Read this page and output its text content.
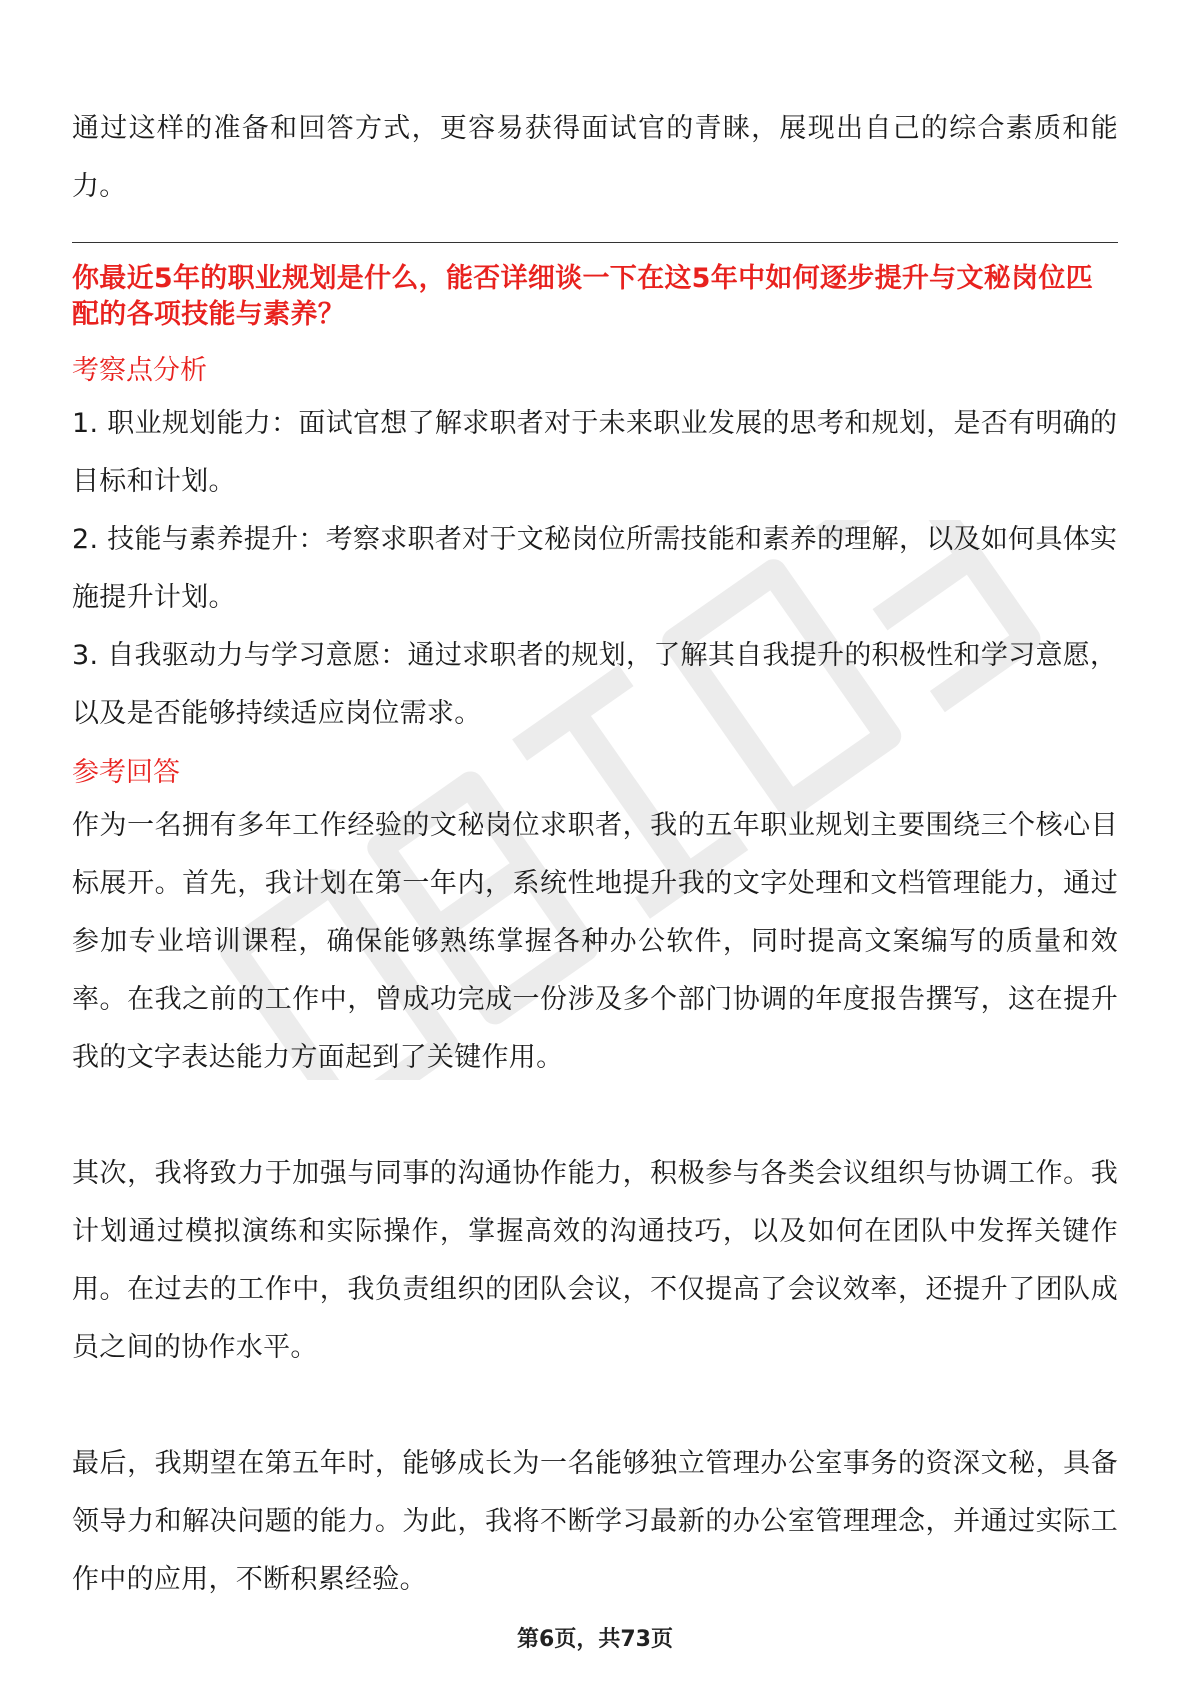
通过这样的准备和回答方式，更容易获得面试官的青睐，展现出自己的综合素质和能力。

你最近5年的职业规划是什么，能否详细谈一下在这5年中如何逐步提升与文秘岗位匹配的各项技能与素养？

考察点分析

1. 职业规划能力：面试官想了解求职者对于未来职业发展的思考和规划，是否有明确的目标和计划。

2. 技能与素养提升：考察求职者对于文秘岗位所需技能和素养的理解，以及如何具体实施提升计划。

3. 自我驱动力与学习意愿：通过求职者的规划，了解其自我提升的积极性和学习意愿，以及是否能够持续适应岗位需求。

参考回答

作为一名拥有多年工作经验的文秘岗位求职者，我的五年职业规划主要围绕三个核心目标展开。首先，我计划在第一年内，系统性地提升我的文字处理和文档管理能力，通过参加专业培训课程，确保能够熟练掌握各种办公软件，同时提高文案编写的质量和效率。在我之前的工作中，曾成功完成一份涉及多个部门协调的年度报告撰写，这在提升我的文字表达能力方面起到了关键作用。

其次，我将致力于加强与同事的沟通协作能力，积极参与各类会议组织与协调工作。我计划通过模拟演练和实际操作，掌握高效的沟通技巧，以及如何在团队中发挥关键作用。在过去的工作中，我负责组织的团队会议，不仅提高了会议效率，还提升了团队成员之间的协作水平。

最后，我期望在第五年时，能够成长为一名能够独立管理办公室事务的资深文秘，具备领导力和解决问题的能力。为此，我将不断学习最新的办公室管理理念，并通过实际工作中的应用，不断积累经验。

第6页，共73页
